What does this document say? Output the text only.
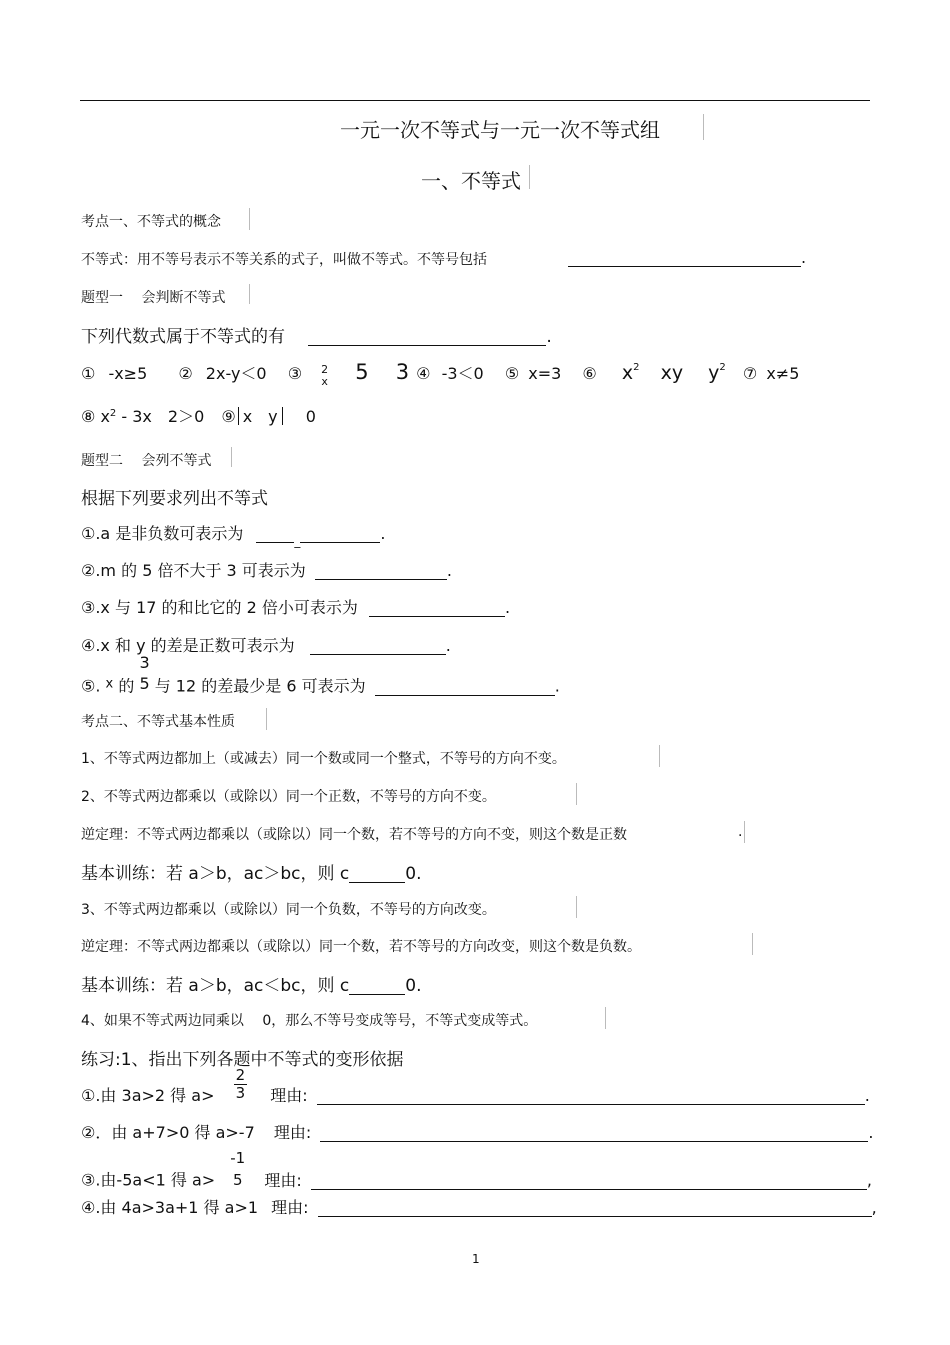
一元一次不等式与一元一次不等式组
一、不等式
考点一、不等式的概念
不等式：用不等号表示不等关系的式子，叫做不等式。不等号包括	.
题型一　 会判断不等式
下列代数式属于不等式的有	.
① -x≥5 ② 2x-y＜0 ③ 2
x 5 3 ④ -3＜0 ⑤ x=3 ⑥ $x^2$ xy $y^2$ ⑦ x≠5
⑧ $x^2 - 3x$　2＞0 ⑨ x　y 0
题型二　 会列不等式
根据下列要求列出不等式
①.a 是非负数可表示为	$_{\_}$	.
②.m 的 5 倍不大于 3 可表示为	.
③.x 与 17 的和比它的 2 倍小可表示为	.
④.x 和 y 的差是正数可表示为	.
⑤. $_x$ 的
3
5 与 12 的差最少是 6 可表示为	.
考点二、不等式基本性质
1、不等式两边都加上（或减去）同一个数或同一个整式，不等号的方向不变。
2、不等式两边都乘以（或除以）同一个正数，不等号的方向不变。
逆定理：不等式两边都乘以（或除以）同一个数，若不等号的方向不变，则这个数是正数	.
基本训练：若 a＞b，ac＞bc，则 c	0.
3、不等式两边都乘以（或除以）同一个负数，不等号的方向改变。
逆定理：不等式两边都乘以（或除以）同一个数，若不等号的方向改变，则这个数是负数。
基本训练：若 a＞b，ac＜bc，则 c	0.
4、如果不等式两边同乘以　 0，那么不等号变成等号，不等式变成等式。
练习:1、指出下列各题中不等式的变形依据
①.由 3a>2 得 $a> \frac{2}{3}$ 理由:	.
②．由 a+7>0 得 a>-7 理由:	.
③.由-5a<1 得 a>
-1
5 理由:	,
④.由 4a>3a+1 得 a>1 理由:	,
1
